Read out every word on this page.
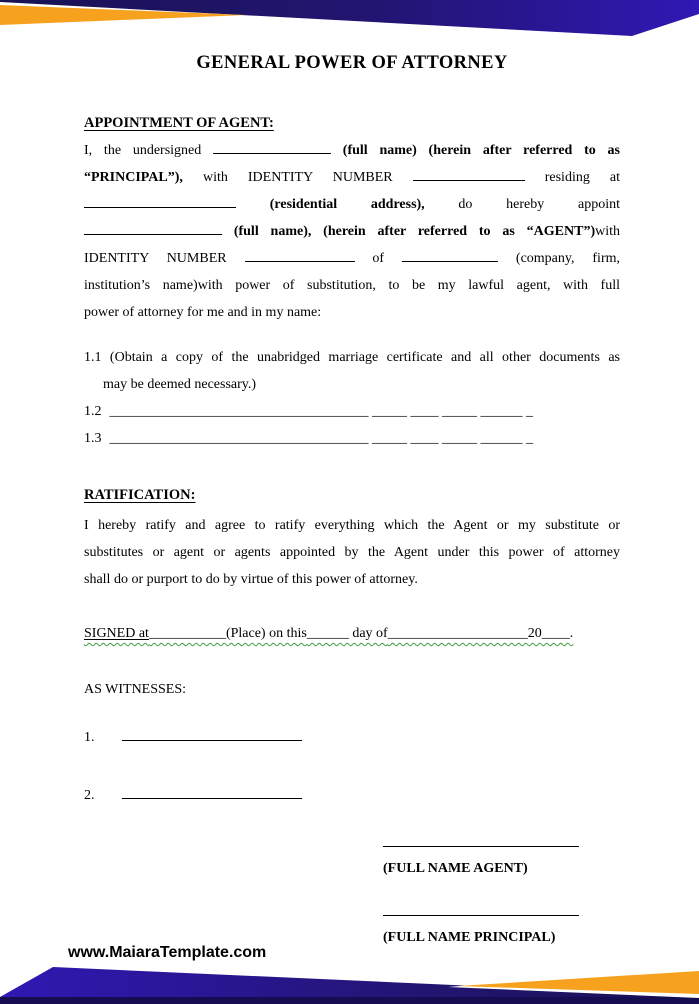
GENERAL POWER OF ATTORNEY
APPOINTMENT OF AGENT:
I, the undersigned	(full name) (herein after referred to as
“PRINCIPAL”), with IDENTITY NUMBER	residing at
(residential address), do hereby appoint
(full name), (herein after referred to as “AGENT”)with
IDENTITY NUMBER	of	(company, firm,
institution’s name)with power of substitution, to be my lawful agent, with full
power of attorney for me and in my name:
1.1 (Obtain a copy of the unabridged marriage certificate and all other documents as
may be deemed necessary.)
1.2 _____________________________________ _____ ____ _____ ______ _
1.3 _____________________________________ _____ ____ _____ ______ _
RATIFICATION:
I hereby ratify and agree to ratify everything which the Agent or my substitute or
substitutes or agent or agents appointed by the Agent under this power of attorney
shall do or purport to do by virtue of this power of attorney.
SIGNED at___________(Place) on this______ day of____________________20____.
AS WITNESSES:
1.
2.
(FULL NAME AGENT)
(FULL NAME PRINCIPAL)
www.MaiaraTemplate.com
